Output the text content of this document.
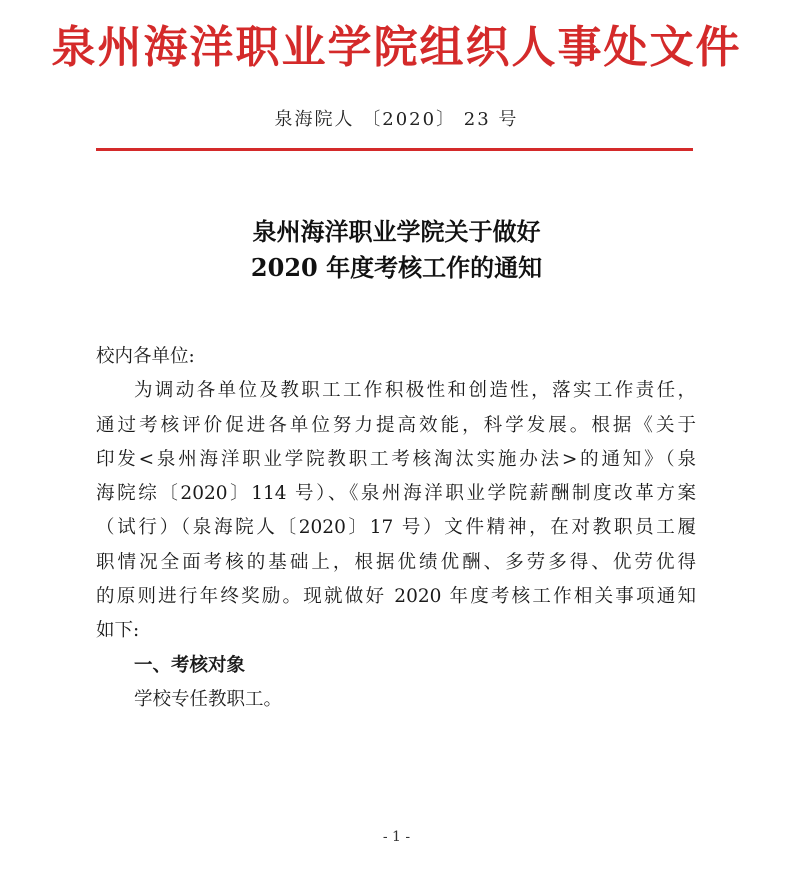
泉州海洋职业学院组织人事处文件
泉海院人 〔2020〕 23 号
泉州海洋职业学院关于做好
2020 年度考核工作的通知
校内各单位:
为调动各单位及教职工工作积极性和创造性，落实工作责任，
通过考核评价促进各单位努力提高效能，科学发展。根据《关于
印发<泉州海洋职业学院教职工考核淘汰实施办法>的通知》（泉
海院综〔2020〕114 号）、《泉州海洋职业学院薪酬制度改革方案
（试行）（泉海院人〔2020〕17 号）文件精神，在对教职员工履
职情况全面考核的基础上，根据优绩优酬、多劳多得、优劳优得
的原则进行年终奖励。现就做好 2020 年度考核工作相关事项通知
如下:
一、考核对象
学校专任教职工。
- 1 -
